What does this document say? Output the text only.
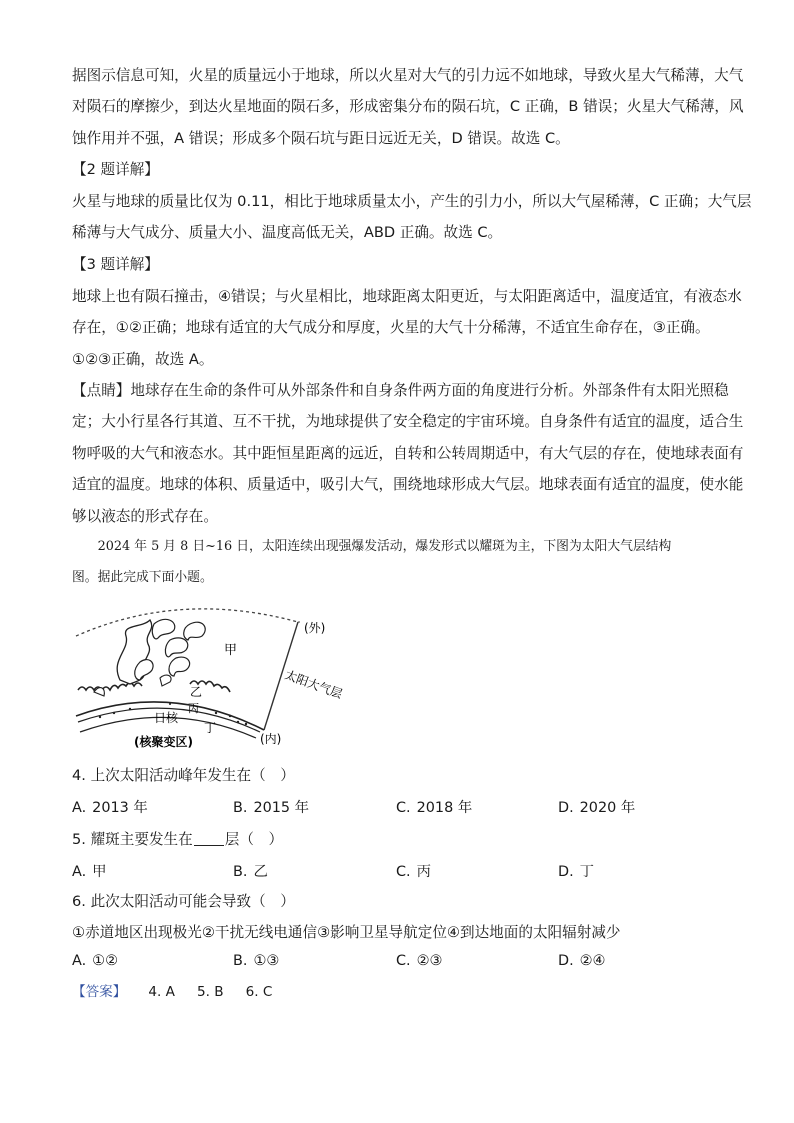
据图示信息可知，火星的质量远小于地球，所以火星对大气的引力远不如地球，导致火星大气稀薄，大气
对陨石的摩擦少，到达火星地面的陨石多，形成密集分布的陨石坑，C 正确，B 错误；火星大气稀薄，风
蚀作用并不强，A 错误；形成多个陨石坑与距日远近无关，D 错误。故选 C。
【2 题详解】
火星与地球的质量比仅为 0.11，相比于地球质量太小，产生的引力小，所以大气屋稀薄，C 正确；大气层
稀薄与大气成分、质量大小、温度高低无关，ABD 正确。故选 C。
【3 题详解】
地球上也有陨石撞击，④错误；与火星相比，地球距离太阳更近，与太阳距离适中，温度适宜，有液态水
存在，①②正确；地球有适宜的大气成分和厚度，火星的大气十分稀薄，不适宜生命存在，③正确。
①②③正确，故选 A。
【点睛】地球存在生命的条件可从外部条件和自身条件两方面的角度进行分析。外部条件有太阳光照稳
定；大小行星各行其道、互不干扰，为地球提供了安全稳定的宇宙环境。自身条件有适宜的温度，适合生
物呼吸的大气和液态水。其中距恒星距离的远近，自转和公转周期适中，有大气层的存在，使地球表面有
适宜的温度。地球的体积、质量适中，吸引大气，围绕地球形成大气层。地球表面有适宜的温度，使水能
够以液态的形式存在。
　　2024 年 5 月 8 日~16 日，太阳连续出现强爆发活动，爆发形式以耀斑为主，下图为太阳大气层结构
图。据此完成下面小题。
甲
乙
丙
日核
丁
(核聚变区)
(外)
(内)
太阳大气层
4. 上次太阳活动峰年发生在（　）
A. 2013 年	B. 2015 年	C. 2018 年	D. 2020 年
5. 耀斑主要发生在 层（　）
A. 甲	B. 乙	C. 丙	D. 丁
6. 此次太阳活动可能会导致（　）
①赤道地区出现极光②干扰无线电通信③影响卫星导航定位④到达地面的太阳辐射减少
A. ①②	B. ①③	C. ②③	D. ②④
【答案】 4. A 5. B 6. C
